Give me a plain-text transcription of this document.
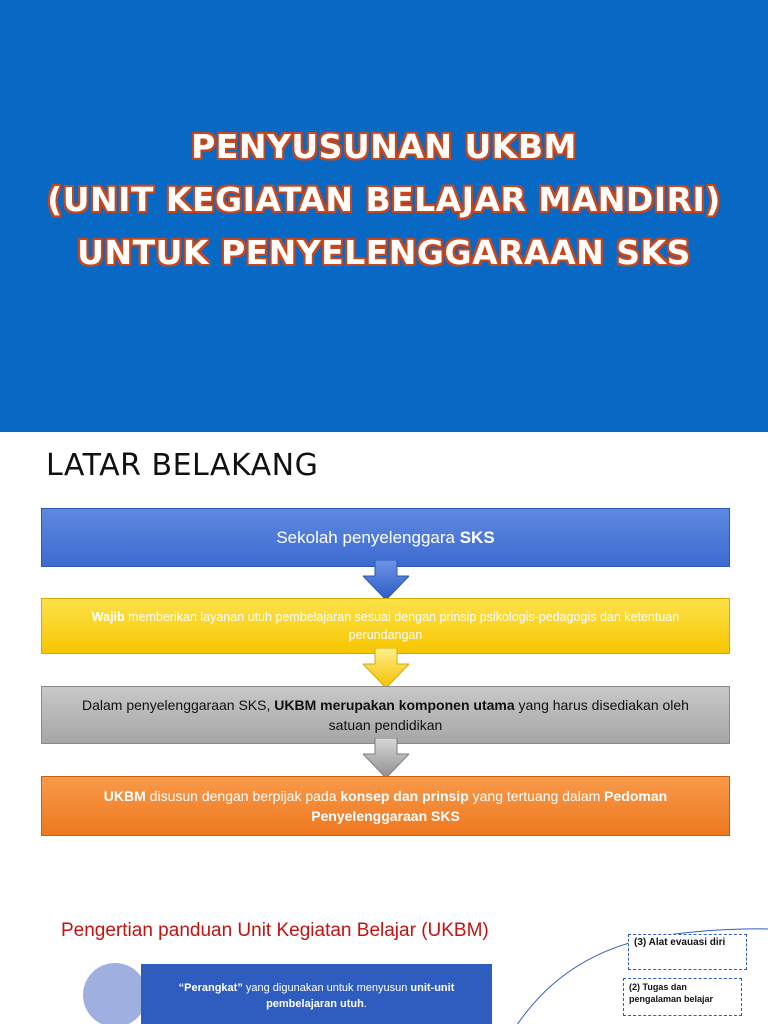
PENYUSUNAN UKBM
(UNIT KEGIATAN BELAJAR MANDIRI)
UNTUK PENYELENGGARAAN SKS
LATAR BELAKANG
Sekolah penyelenggara SKS
Wajib memberikan layanan utuh pembelajaran sesuai dengan prinsip psikologis-pedagogis dan ketentuan perundangan
Dalam penyelenggaraan SKS, UKBM merupakan komponen utama yang harus disediakan oleh satuan pendidikan
UKBM disusun dengan berpijak pada konsep dan prinsip yang tertuang dalam Pedoman Penyelenggaraan SKS
Pengertian panduan Unit Kegiatan Belajar (UKBM)
“Perangkat” yang digunakan untuk menyusun unit-unit pembelajaran utuh.
(3) Alat evauasi diri
(2) Tugas dan pengalaman belajar
